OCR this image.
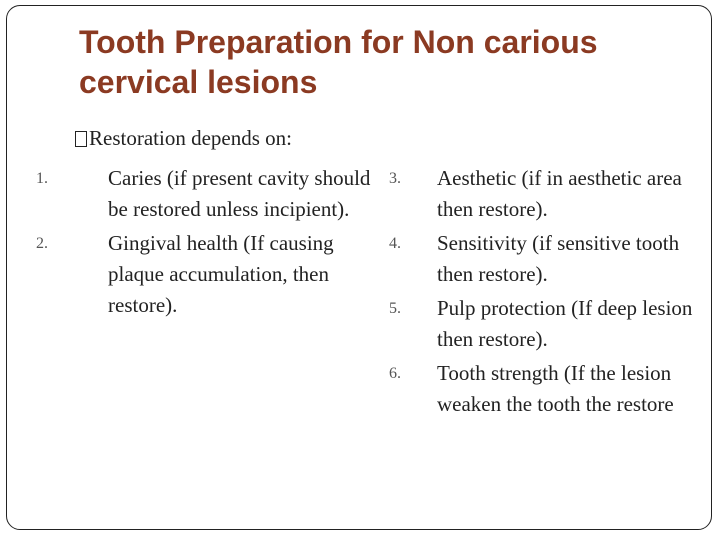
Tooth Preparation for Non carious cervical lesions
Restoration depends on:
1.	Caries (if present cavity should be restored unless incipient).
2.	Gingival health (If causing plaque accumulation, then restore).
3. Aesthetic (if in aesthetic area then restore).
4. Sensitivity (if sensitive tooth then restore).
5. Pulp protection (If deep lesion then restore).
6. Tooth strength (If the lesion weaken the tooth the restore
